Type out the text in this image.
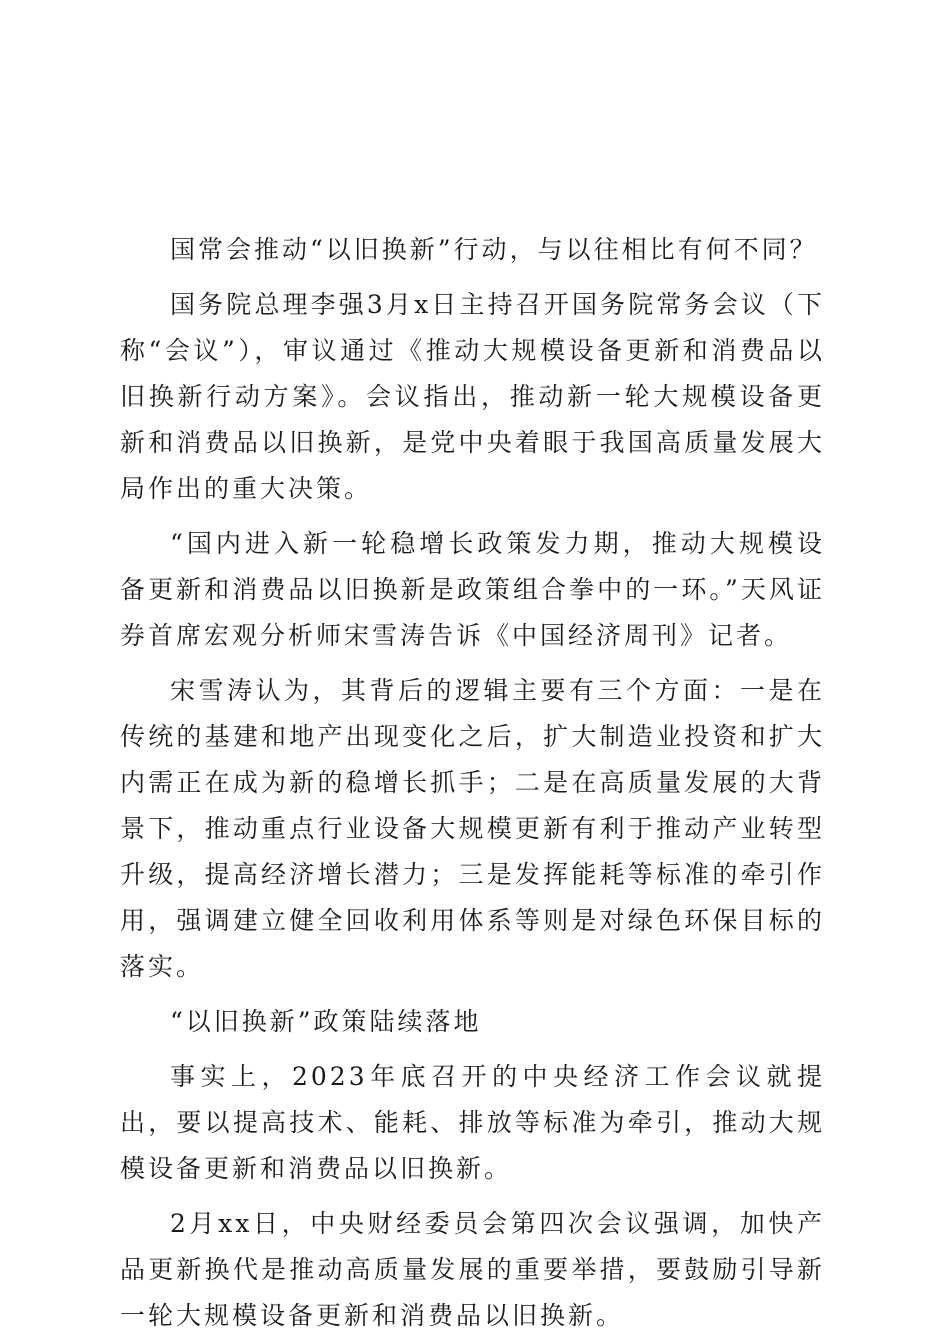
国常会推动“以旧换新”行动，与以往相比有何不同？

国务院总理李强3月x日主持召开国务院常务会议（下称“会议”），审议通过《推动大规模设备更新和消费品以旧换新行动方案》。会议指出，推动新一轮大规模设备更新和消费品以旧换新，是党中央着眼于我国高质量发展大局作出的重大决策。

“国内进入新一轮稳增长政策发力期，推动大规模设备更新和消费品以旧换新是政策组合拳中的一环。”天风证券首席宏观分析师宋雪涛告诉《中国经济周刊》记者。

宋雪涛认为，其背后的逻辑主要有三个方面：一是在传统的基建和地产出现变化之后，扩大制造业投资和扩大内需正在成为新的稳增长抓手；二是在高质量发展的大背景下，推动重点行业设备大规模更新有利于推动产业转型升级，提高经济增长潜力；三是发挥能耗等标准的牵引作用，强调建立健全回收利用体系等则是对绿色环保目标的落实。

“以旧换新”政策陆续落地

事实上，2023年底召开的中央经济工作会议就提出，要以提高技术、能耗、排放等标准为牵引，推动大规模设备更新和消费品以旧换新。

2月xx日，中央财经委员会第四次会议强调，加快产品更新换代是推动高质量发展的重要举措，要鼓励引导新一轮大规模设备更新和消费品以旧换新。
